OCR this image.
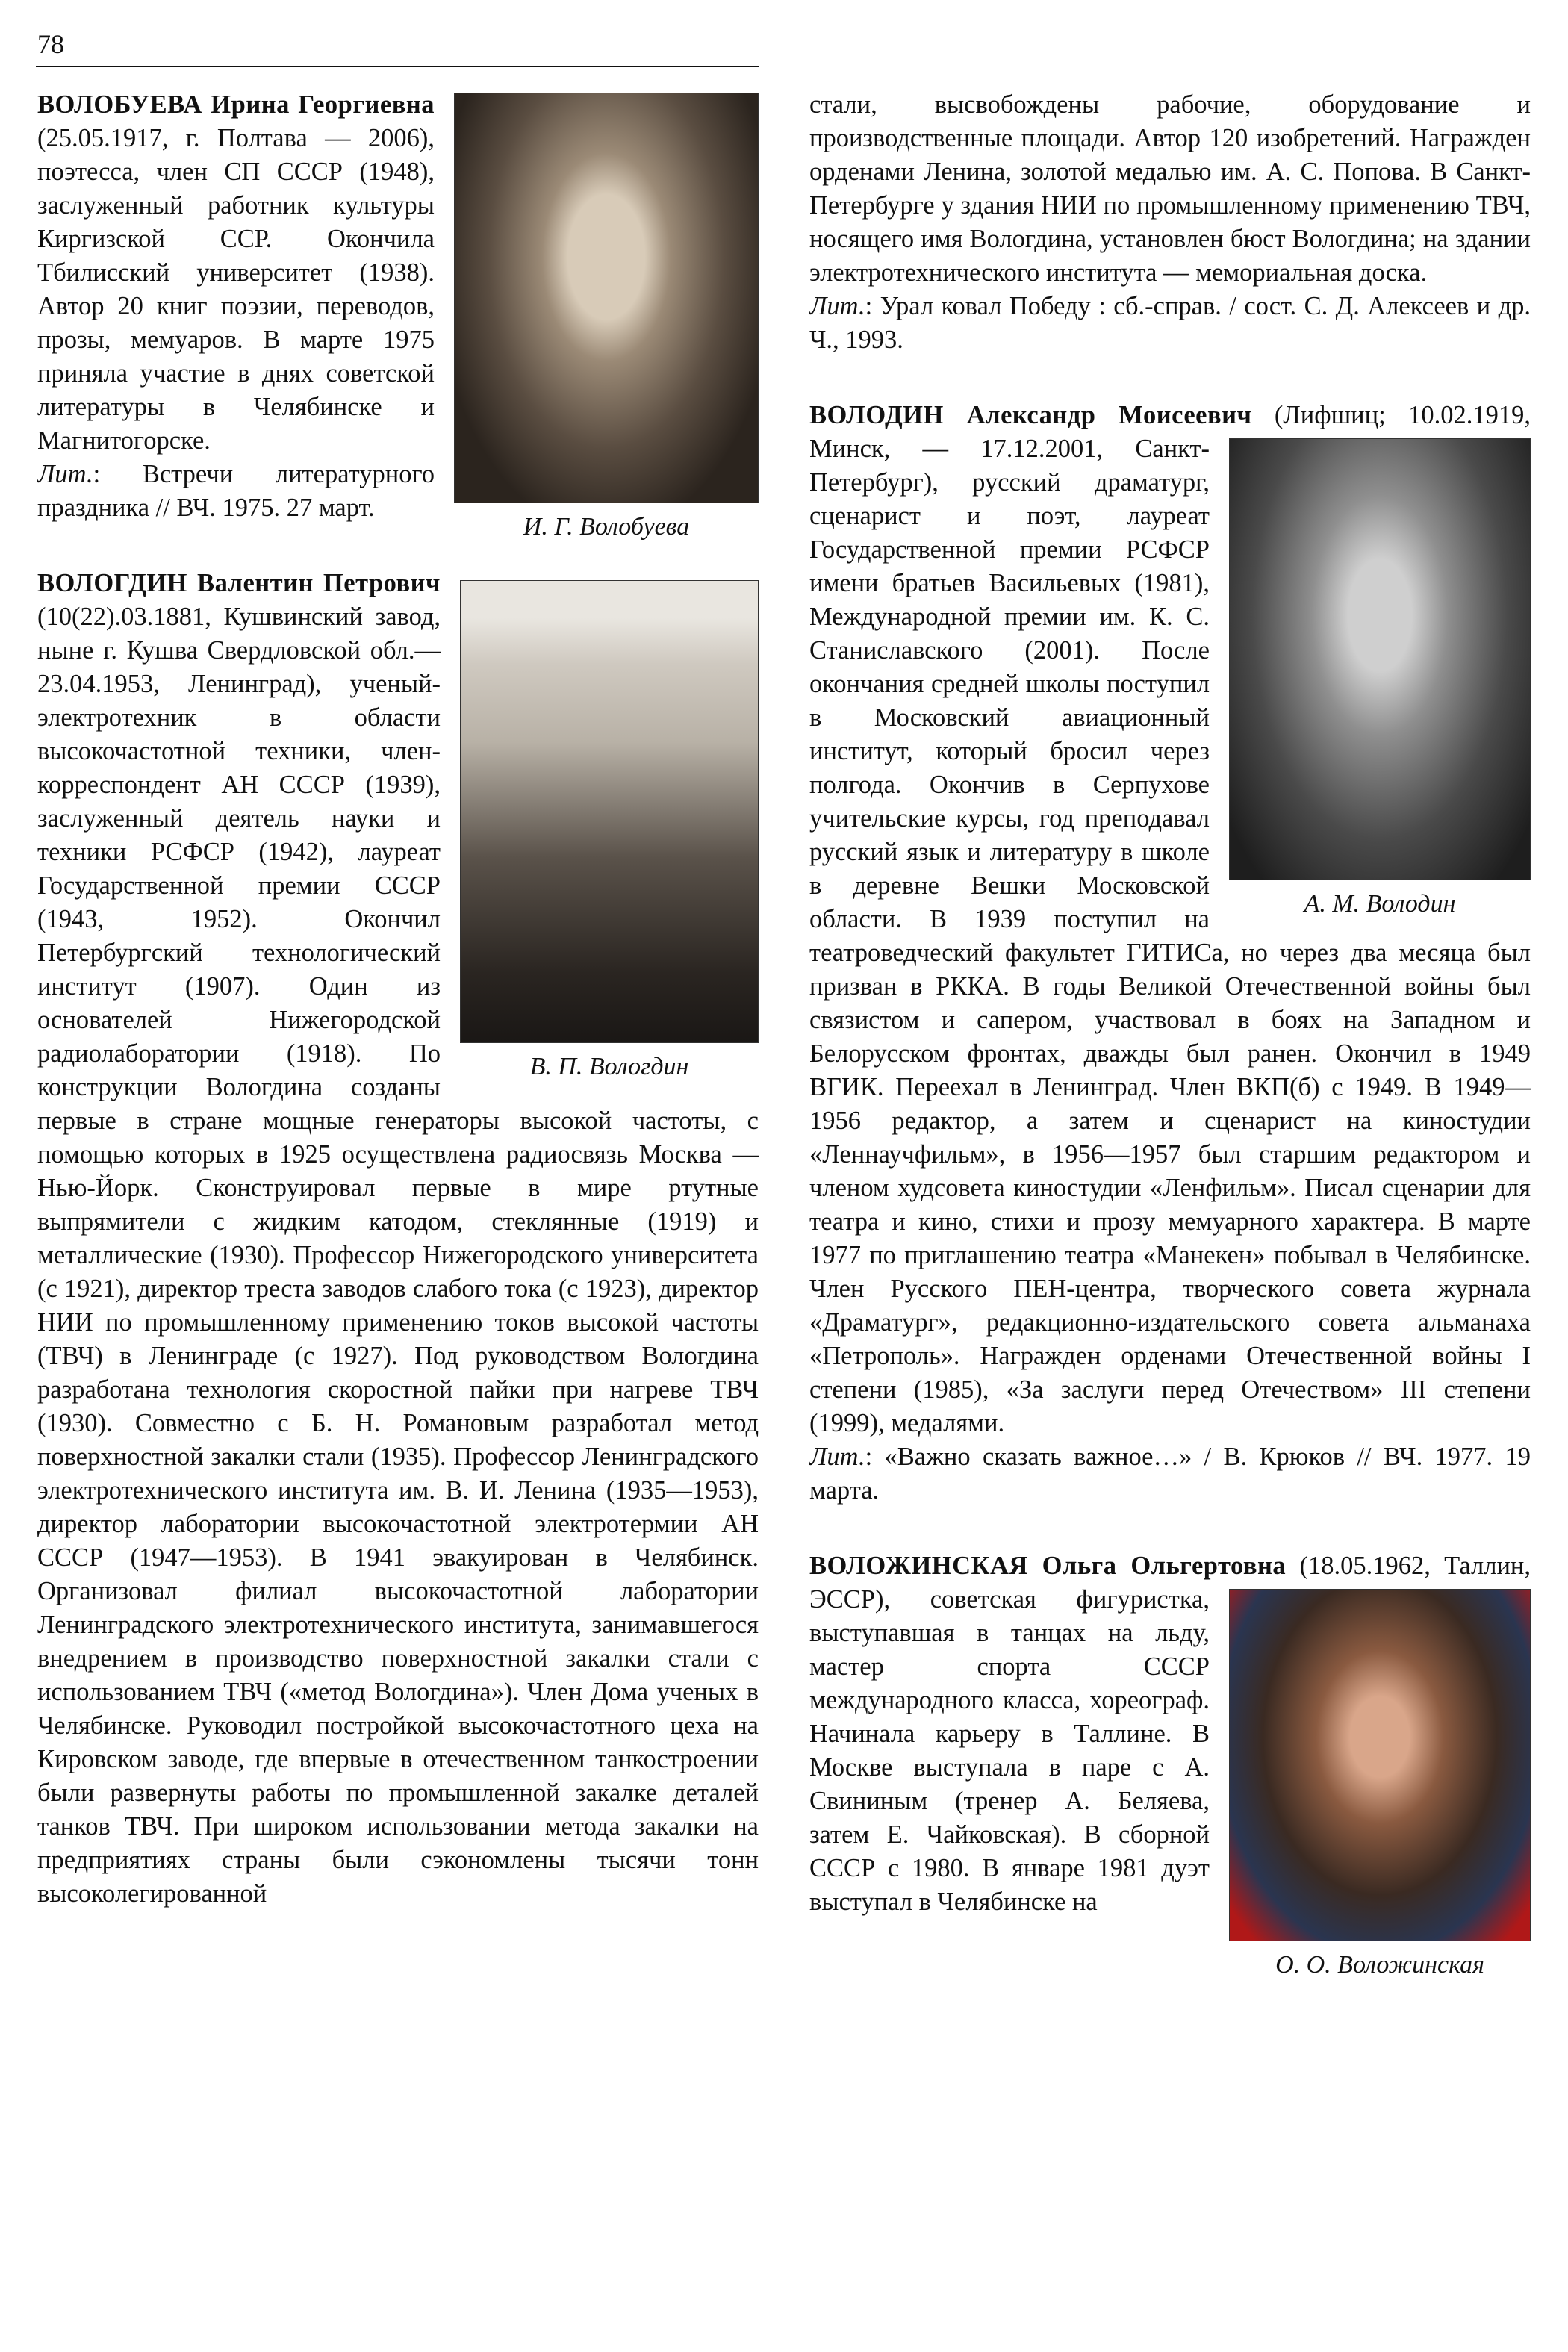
78
И. Г. Волобуева

ВОЛОБУЕВА Ирина Георгиевна (25.05.1917, г. Полтава — 2006), поэтесса, член СП СССР (1948), заслуженный работник культуры Киргизской ССР. Окончила Тбилисский университет (1938). Автор 20 книг поэзии, переводов, прозы, мемуаров. В марте 1975 приняла участие в днях советской литературы в Челябинске и Магнитогорске.

Лит.: Встречи литературного праздника // ВЧ. 1975. 27 март.

ВОЛОГДИН Валентин Петрович
В. П. Вологдин
(10(22).03.1881, Кушвинский завод, ныне г. Кушва Свердловской обл.— 23.04.1953, Ленинград), ученый-электротехник в области высокочастотной техники, член-корреспондент АН СССР (1939), заслуженный деятель науки и техники РСФСР (1942), лауреат Государственной премии СССР (1943, 1952). Окончил Петербургский технологический институт (1907). Один из основателей Нижегородской радиолаборатории (1918). По конструкции Вологдина созданы первые в стране мощные генераторы высокой частоты, с помощью которых в 1925 осуществлена радиосвязь Москва — Нью-Йорк. Сконструировал первые в мире ртутные выпрямители с жидким катодом, стеклянные (1919) и металлические (1930). Профессор Нижегородского университета (с 1921), директор треста заводов слабого тока (с 1923), директор НИИ по промышленному применению токов высокой частоты (ТВЧ) в Ленинграде (с 1927). Под руководством Вологдина разработана технология скоростной пайки при нагреве ТВЧ (1930). Совместно с Б. Н. Романовым разработал метод поверхностной закалки стали (1935). Профессор Ленинградского электротехнического института им. В. И. Ленина (1935—1953), директор лаборатории высокочастотной электротермии АН СССР (1947—1953). В 1941 эвакуирован в Челябинск. Организовал филиал высокочастотной лаборатории Ленинградского электротехнического института, занимавшегося внедрением в производство поверхностной закалки стали с использованием ТВЧ («метод Вологдина»). Член Дома ученых в Челябинске. Руководил постройкой высокочастотного цеха на Кировском заводе, где впервые в отечественном танкостроении были развернуты работы по промышленной закалке деталей танков ТВЧ. При широком использовании метода закалки на предприятиях страны были сэкономлены тысячи тонн высоколегированной

стали, высвобождены рабочие, оборудование и производственные площади. Автор 120 изобретений. Награжден орденами Ленина, золотой медалью им. А. С. Попова. В Санкт-Петербурге у здания НИИ по промышленному применению ТВЧ, носящего имя Вологдина, установлен бюст Вологдина; на здании электротехнического института — мемориальная доска.

Лит.: Урал ковал Победу : сб.-справ. / сост. С. Д. Алексеев и др. Ч., 1993.

ВОЛОДИН Александр Моисеевич
А. М. Володин
(Лифшиц; 10.02.1919, Минск, — 17.12.2001, Санкт-Петербург), русский драматург, сценарист и поэт, лауреат Государственной премии РСФСР имени братьев Васильевых (1981), Международной премии им. К. С. Станиславского (2001). После окончания средней школы поступил в Московский авиационный институт, который бросил через полгода. Окончив в Серпухове учительские курсы, год преподавал русский язык и литературу в школе в деревне Вешки Московской области. В 1939 поступил на театроведческий факультет ГИТИСа, но через два месяца был призван в РККА. В годы Великой Отечественной войны был связистом и сапером, участвовал в боях на Западном и Белорусском фронтах, дважды был ранен. Окончил в 1949 ВГИК. Переехал в Ленинград. Член ВКП(б) с 1949. В 1949—1956 редактор, а затем и сценарист на киностудии «Леннаучфильм», в 1956—1957 был старшим редактором и членом худсовета киностудии «Ленфильм». Писал сценарии для театра и кино, стихи и прозу мемуарного характера. В марте 1977 по приглашению театра «Манекен» побывал в Челябинске. Член Русского ПЕН-центра, творческого совета журнала «Драматург», редакционно-издательского совета альманаха «Петрополь». Награжден орденами Отечественной войны I степени (1985), «За заслуги перед Отечеством» III степени (1999), медалями.

Лит.: «Важно сказать важное…» / В. Крюков // ВЧ. 1977. 19 марта.

ВОЛОЖИНСКАЯ Ольга Ольгертовна
О. О. Воложинская
(18.05.1962, Таллин, ЭССР), советская фигуристка, выступавшая в танцах на льду, мастер спорта СССР международного класса, хореограф. Начинала карьеру в Таллине. В Москве выступала в паре с А. Свининым (тренер А. Беляева, затем Е. Чайковская). В сборной СССР с 1980. В январе 1981 дуэт выступал в Челябинске на
